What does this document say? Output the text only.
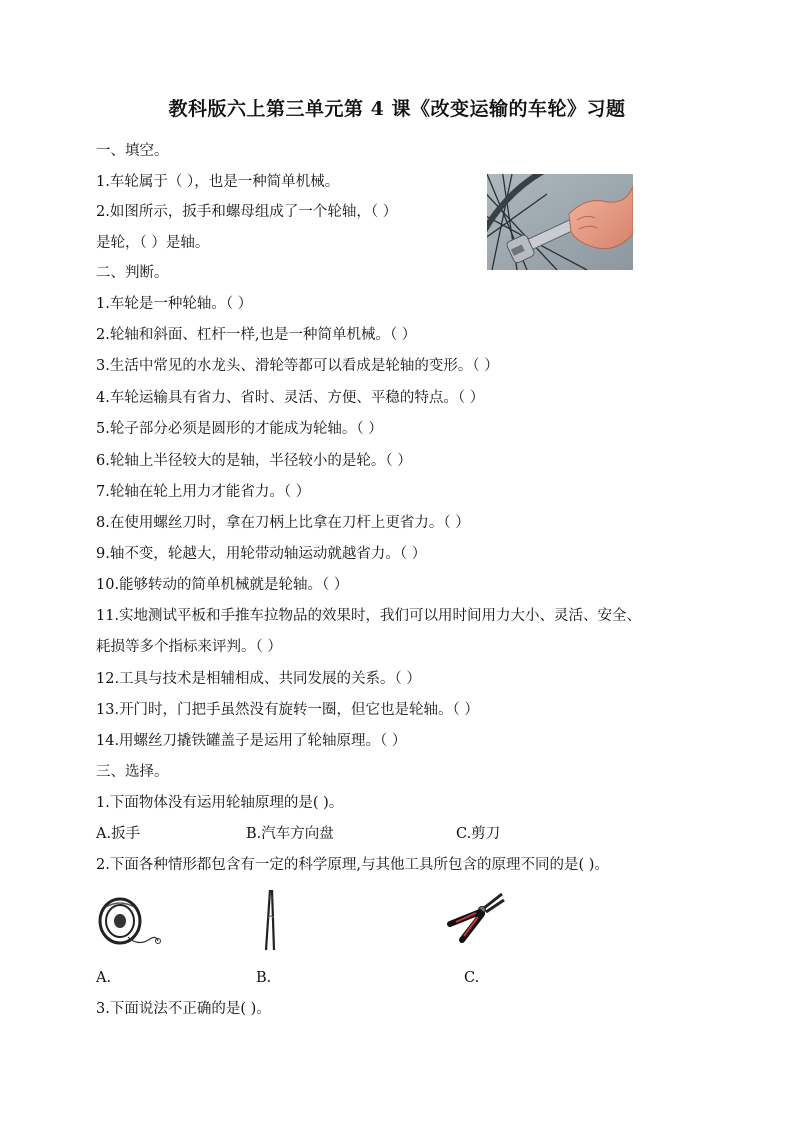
教科版六上第三单元第 4 课《改变运输的车轮》习题
一、填空。
1.车轮属于（ ），也是一种简单机械。
2.如图所示，扳手和螺母组成了一个轮轴，（ ）
是轮，（ ）是轴。
二、判断。
1.车轮是一种轮轴。（ ）
2.轮轴和斜面、杠杆一样,也是一种简单机械。（ ）
3.生活中常见的水龙头、滑轮等都可以看成是轮轴的变形。（ ）
4.车轮运输具有省力、省时、灵活、方便、平稳的特点。（ ）
5.轮子部分必须是圆形的才能成为轮轴。（ ）
6.轮轴上半径较大的是轴，半径较小的是轮。（ ）
7.轮轴在轮上用力才能省力。（ ）
8.在使用螺丝刀时，拿在刀柄上比拿在刀杆上更省力。（ ）
9.轴不变，轮越大，用轮带动轴运动就越省力。（ ）
10.能够转动的简单机械就是轮轴。（ ）
11.实地测试平板和手推车拉物品的效果时，我们可以用时间用力大小、灵活、安全、
耗损等多个指标来评判。（ ）
12.工具与技术是相辅相成、共同发展的关系。（ ）
13.开门时，门把手虽然没有旋转一圈，但它也是轮轴。（ ）
14.用螺丝刀撬铁罐盖子是运用了轮轴原理。（ ）
三、选择。
1.下面物体没有运用轮轴原理的是( )。
A.扳手	B.汽车方向盘	C.剪刀
2.下面各种情形都包含有一定的科学原理,与其他工具所包含的原理不同的是( )。
A.	B.	C.
3.下面说法不正确的是( )。
